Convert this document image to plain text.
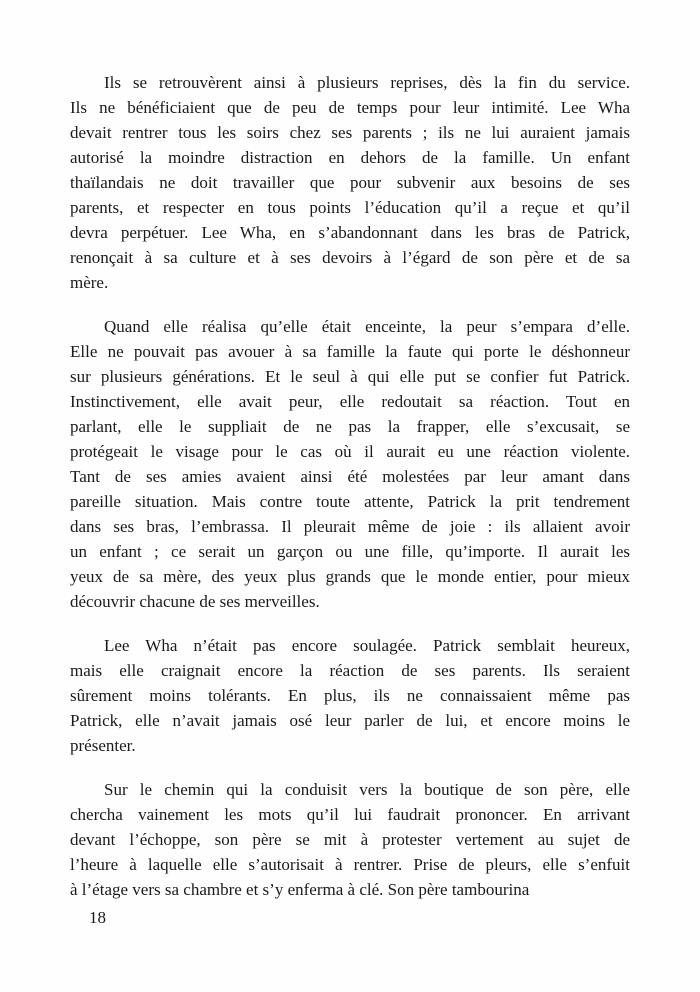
Ils se retrouvèrent ainsi à plusieurs reprises, dès la fin du service.
Ils ne bénéficiaient que de peu de temps pour leur intimité. Lee Wha
devait rentrer tous les soirs chez ses parents ; ils ne lui auraient jamais
autorisé la moindre distraction en dehors de la famille. Un enfant
thaïlandais ne doit travailler que pour subvenir aux besoins de ses
parents, et respecter en tous points l’éducation qu’il a reçue et qu’il
devra perpétuer. Lee Wha, en s’abandonnant dans les bras de Patrick,
renonçait à sa culture et à ses devoirs à l’égard de son père et de sa
mère.

Quand elle réalisa qu’elle était enceinte, la peur s’empara d’elle.
Elle ne pouvait pas avouer à sa famille la faute qui porte le déshonneur
sur plusieurs générations. Et le seul à qui elle put se confier fut Patrick.
Instinctivement, elle avait peur, elle redoutait sa réaction. Tout en
parlant, elle le suppliait de ne pas la frapper, elle s’excusait, se
protégeait le visage pour le cas où il aurait eu une réaction violente.
Tant de ses amies avaient ainsi été molestées par leur amant dans
pareille situation. Mais contre toute attente, Patrick la prit tendrement
dans ses bras, l’embrassa. Il pleurait même de joie : ils allaient avoir
un enfant ; ce serait un garçon ou une fille, qu’importe. Il aurait les
yeux de sa mère, des yeux plus grands que le monde entier, pour mieux
découvrir chacune de ses merveilles.

Lee Wha n’était pas encore soulagée. Patrick semblait heureux,
mais elle craignait encore la réaction de ses parents. Ils seraient
sûrement moins tolérants. En plus, ils ne connaissaient même pas
Patrick, elle n’avait jamais osé leur parler de lui, et encore moins le
présenter.

Sur le chemin qui la conduisit vers la boutique de son père, elle
chercha vainement les mots qu’il lui faudrait prononcer. En arrivant
devant l’échoppe, son père se mit à protester vertement au sujet de
l’heure à laquelle elle s’autorisait à rentrer. Prise de pleurs, elle s’enfuit
à l’étage vers sa chambre et s’y enferma à clé. Son père tambourina

18
